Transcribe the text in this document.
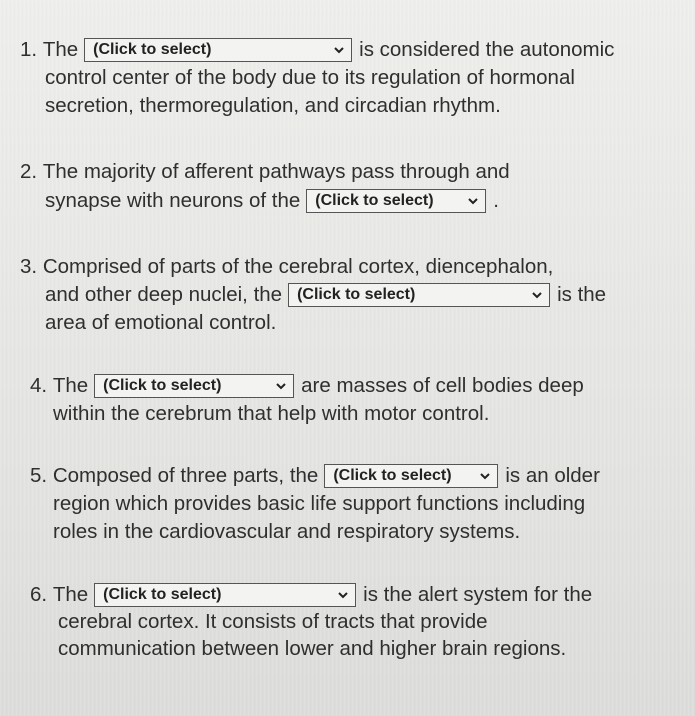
1.
The (Click to select)	is considered the autonomic
control center of the body due to its regulation of hormonal
secretion, thermoregulation, and circadian rhythm.
2.
The majority of afferent pathways pass through and
synapse with neurons of the (Click to select)	.
3.
Comprised of parts of the cerebral cortex, diencephalon,
and other deep nuclei, the (Click to select)	is the
area of emotional control.
4.
The (Click to select)	are masses of cell bodies deep
within the cerebrum that help with motor control.
5.
Composed of three parts, the (Click to select)	is an older
region which provides basic life support functions including
roles in the cardiovascular and respiratory systems.
6.
The (Click to select)	is the alert system for the
cerebral cortex. It consists of tracts that provide
communication between lower and higher brain regions.
